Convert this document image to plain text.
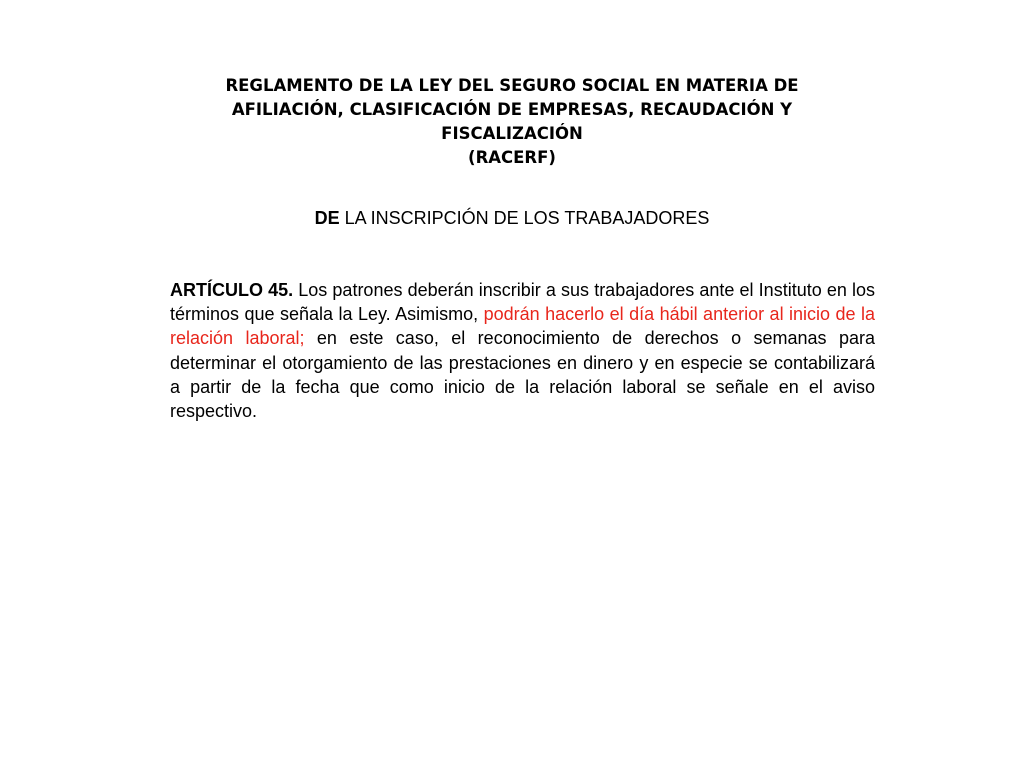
REGLAMENTO DE LA LEY DEL SEGURO SOCIAL EN MATERIA DE
AFILIACIÓN, CLASIFICACIÓN DE EMPRESAS, RECAUDACIÓN Y
FISCALIZACIÓN
(RACERF)
DE LA INSCRIPCIÓN DE LOS TRABAJADORES
ARTÍCULO 45. Los patrones deberán inscribir a sus trabajadores ante el Instituto en los términos que señala la Ley. Asimismo, podrán hacerlo el día hábil anterior al inicio de la relación laboral; en este caso, el reconocimiento de derechos o semanas para determinar el otorgamiento de las prestaciones en dinero y en especie se contabilizará a partir de la fecha que como inicio de la relación laboral se señale en el aviso respectivo.
